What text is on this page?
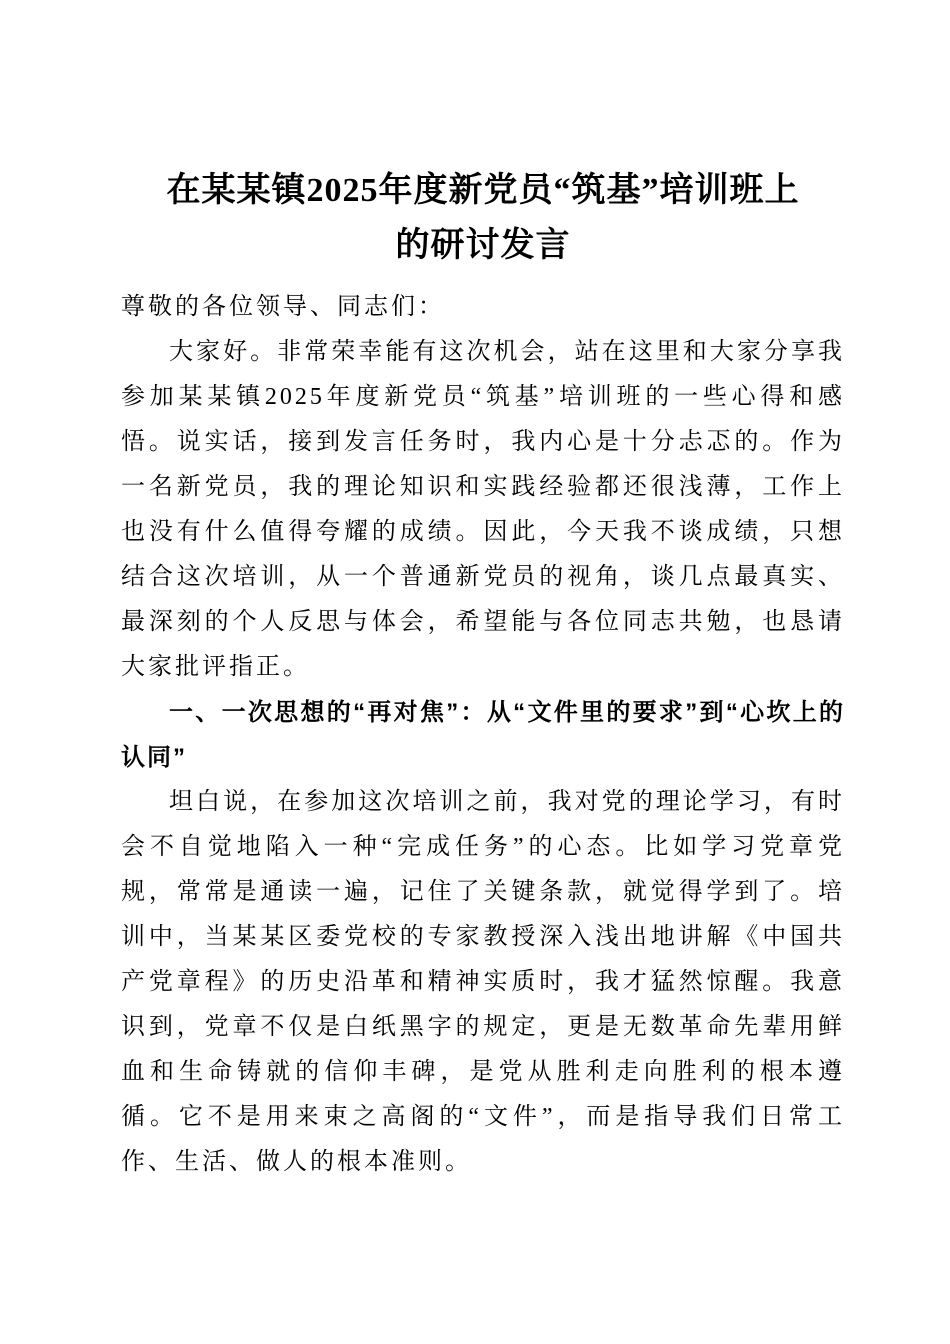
在某某镇2025年度新党员“筑基”培训班上
的研讨发言

尊敬的各位领导、同志们：

大家好。非常荣幸能有这次机会，站在这里和大家分享我参加某某镇2025年度新党员“筑基”培训班的一些心得和感悟。说实话，接到发言任务时，我内心是十分忐忑的。作为一名新党员，我的理论知识和实践经验都还很浅薄，工作上也没有什么值得夸耀的成绩。因此，今天我不谈成绩，只想结合这次培训，从一个普通新党员的视角，谈几点最真实、最深刻的个人反思与体会，希望能与各位同志共勉，也恳请大家批评指正。

一、一次思想的“再对焦”：从“文件里的要求”到“心坎上的认同”

坦白说，在参加这次培训之前，我对党的理论学习，有时会不自觉地陷入一种“完成任务”的心态。比如学习党章党规，常常是通读一遍，记住了关键条款，就觉得学到了。培训中，当某某区委党校的专家教授深入浅出地讲解《中国共产党章程》的历史沿革和精神实质时，我才猛然惊醒。我意识到，党章不仅是白纸黑字的规定，更是无数革命先辈用鲜血和生命铸就的信仰丰碑，是党从胜利走向胜利的根本遵循。它不是用来束之高阁的“文件”，而是指导我们日常工作、生活、做人的根本准则。
